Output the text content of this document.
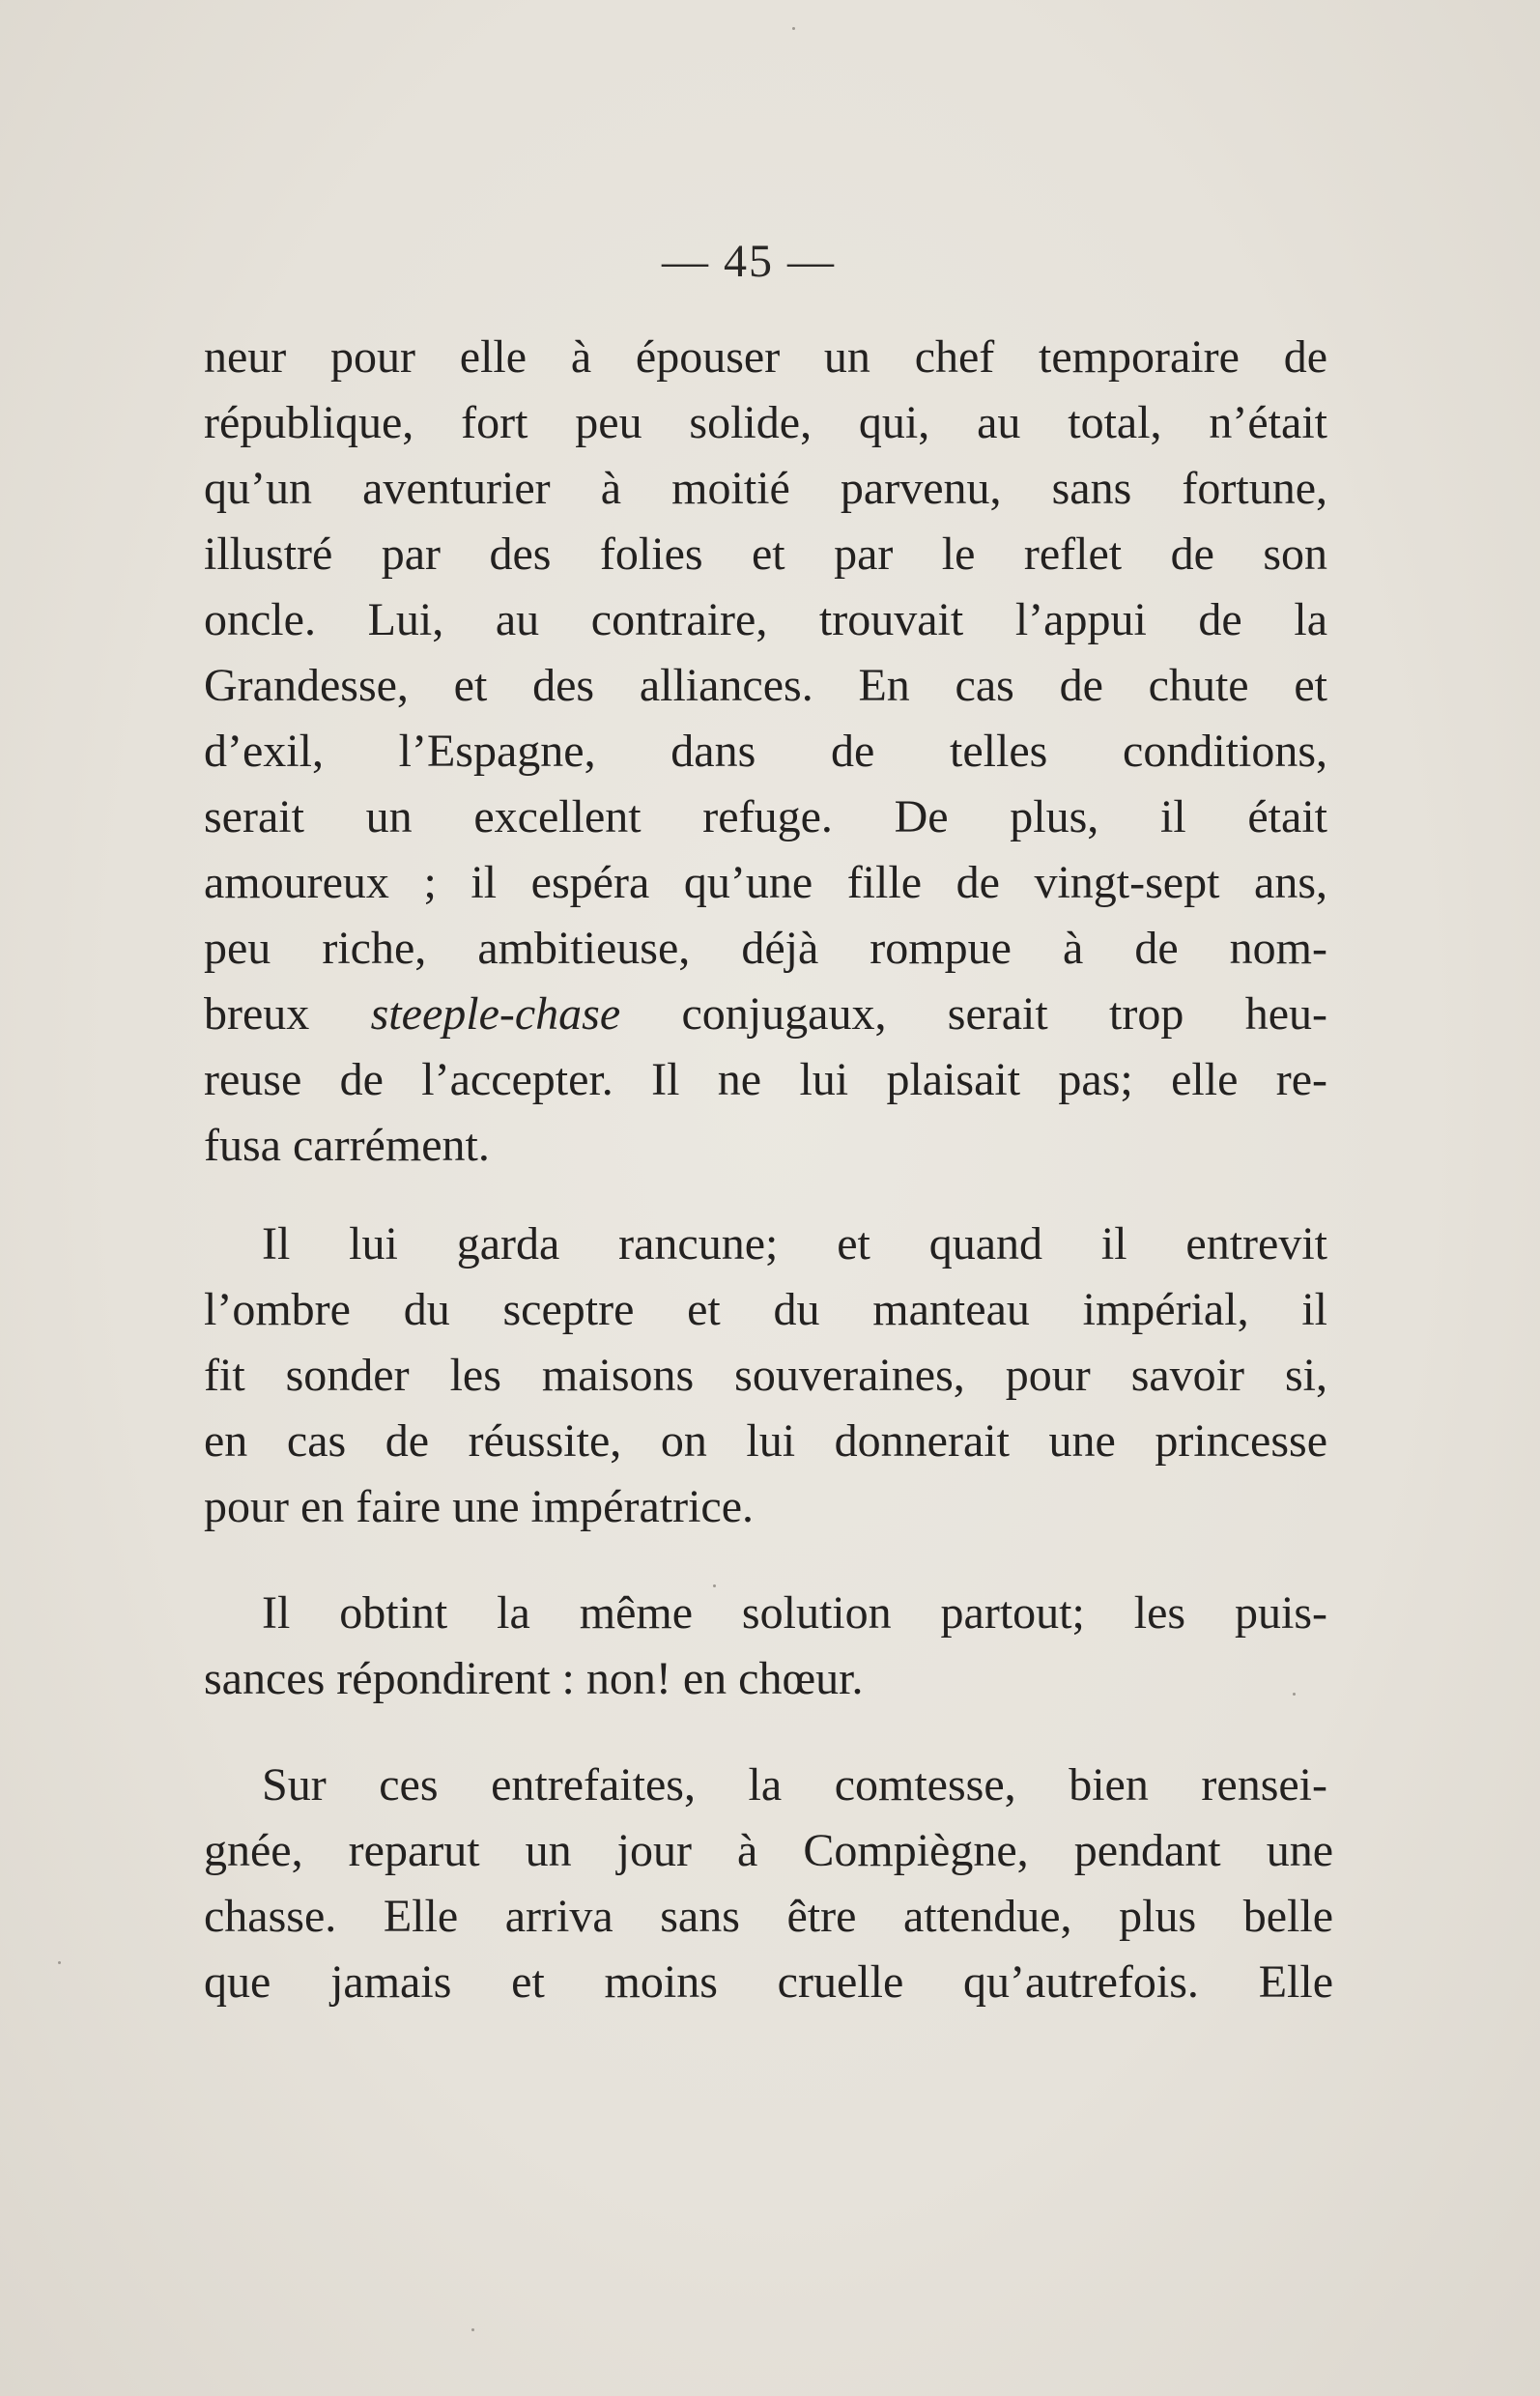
— 45 —
neur pour elle à épouser un chef temporaire de
république, fort peu solide, qui, au total, n’était
qu’un aventurier à moitié parvenu, sans fortune,
illustré par des folies et par le reflet de son
oncle. Lui, au contraire, trouvait l’appui de la
Grandesse, et des alliances. En cas de chute et
d’exil, l’Espagne, dans de telles conditions,
serait un excellent refuge. De plus, il était
amoureux ; il espéra qu’une fille de vingt-sept ans,
peu riche, ambitieuse, déjà rompue à de nom-
breux steeple-chase conjugaux, serait trop heu-
reuse de l’accepter. Il ne lui plaisait pas; elle re-
fusa carrément.
Il lui garda rancune; et quand il entrevit
l’ombre du sceptre et du manteau impérial, il
fit sonder les maisons souveraines, pour savoir si,
en cas de réussite, on lui donnerait une princesse
pour en faire une impératrice.
Il obtint la même solution partout; les puis-
sances répondirent : non! en chœur.
Sur ces entrefaites, la comtesse, bien rensei-
gnée, reparut un jour à Compiègne, pendant une
chasse. Elle arriva sans être attendue, plus belle
que jamais et moins cruelle qu’autrefois. Elle
